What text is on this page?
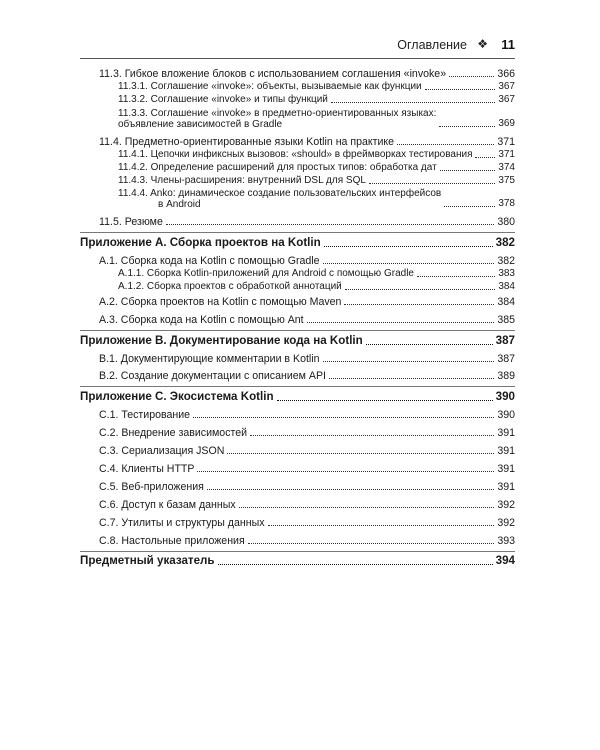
Оглавление ❖ 11
11.3. Гибкое вложение блоков с использованием соглашения «invoke»	366
11.3.1. Соглашение «invoke»: объекты, вызываемые как функции	367
11.3.2. Соглашение «invoke» и типы функций	367
11.3.3. Соглашение «invoke» в предметно-ориентированных языках:
объявление зависимостей в Gradle	369
11.4. Предметно-ориентированные языки Kotlin на практике	371
11.4.1. Цепочки инфиксных вызовов: «should» в фреймворках тестирования	371
11.4.2. Определение расширений для простых типов: обработка дат	374
11.4.3. Члены-расширения: внутренний DSL для SQL	375
11.4.4. Anko: динамическое создание пользовательских интерфейсов
в Android	378
11.5. Резюме	380
Приложение А. Сборка проектов на Kotlin	382
А.1. Сборка кода на Kotlin с помощью Gradle	382
А.1.1. Сборка Kotlin-приложений для Android с помощью Gradle	383
А.1.2. Сборка проектов с обработкой аннотаций	384
А.2. Сборка проектов на Kotlin с помощью Maven	384
А.3. Сборка кода на Kotlin с помощью Ant	385
Приложение В. Документирование кода на Kotlin	387
В.1. Документирующие комментарии в Kotlin	387
В.2. Создание документации с описанием API	389
Приложение С. Экосистема Kotlin	390
С.1. Тестирование	390
С.2. Внедрение зависимостей	391
С.3. Сериализация JSON	391
С.4. Клиенты HTTP	391
С.5. Веб-приложения	391
С.6. Доступ к базам данных	392
С.7. Утилиты и структуры данных	392
С.8. Настольные приложения	393
Предметный указатель	394
